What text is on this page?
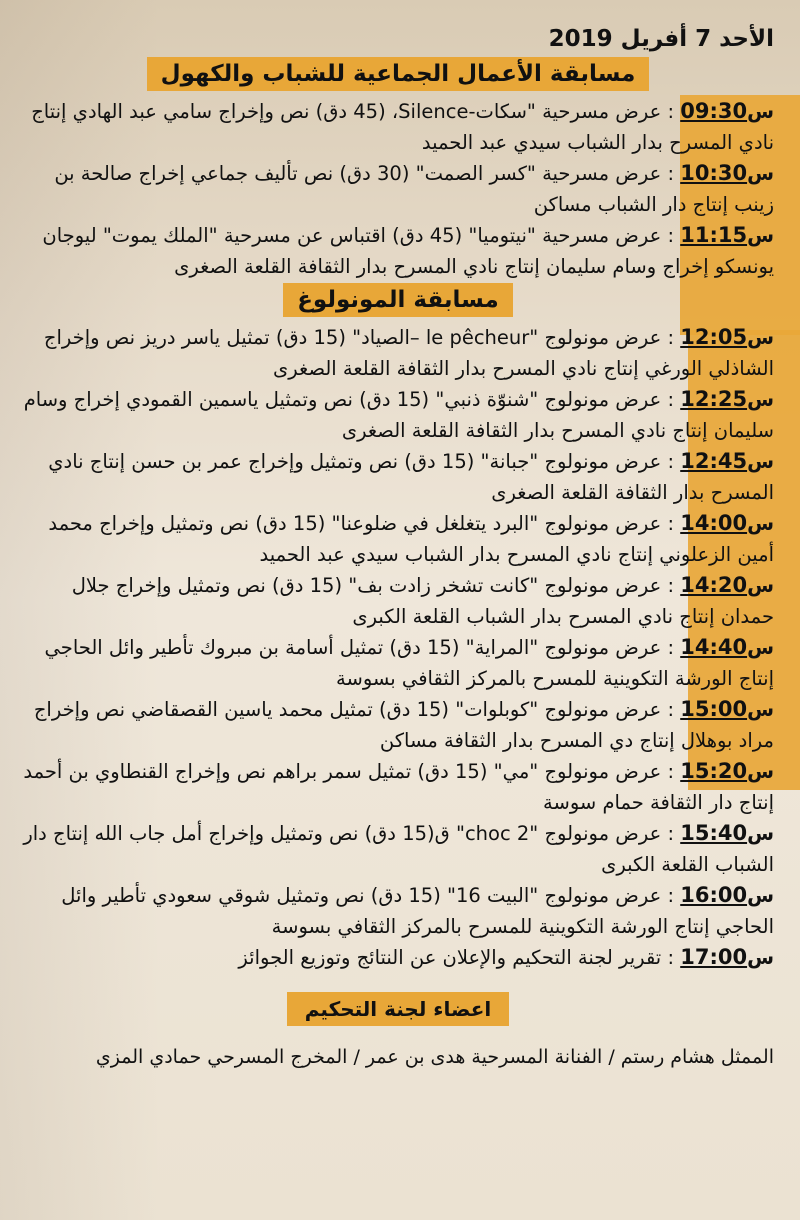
الأحد 7 أفريل 2019

مسابقة الأعمال الجماعية للشباب والكهول

س09:30 : عرض مسرحية "سكات-Silence، (45 دق) نص وإخراج سامي عبد الهادي إنتاج نادي المسرح بدار الشباب سيدي عبد الحميد

س10:30 : عرض مسرحية "كسر الصمت" (30 دق) نص تأليف جماعي إخراج صالحة بن زينب إنتاج دار الشباب مساكن

س11:15 : عرض مسرحية "نيتوميا" (45 دق) اقتباس عن مسرحية "الملك يموت" ليوجان يونسكو إخراج وسام سليمان إنتاج نادي المسرح بدار الثقافة القلعة الصغرى

مسابقة المونولوغ

س12:05 : عرض مونولوج "le pêcheur –الصياد" (15 دق) تمثيل ياسر دريز نص وإخراج الشاذلي الورغي إنتاج نادي المسرح بدار الثقافة القلعة الصغرى

س12:25 : عرض مونولوج "شنوّة ذنبي" (15 دق) نص وتمثيل ياسمين القمودي إخراج وسام سليمان إنتاج نادي المسرح بدار الثقافة القلعة الصغرى

س12:45 : عرض مونولوج "جبانة" (15 دق) نص وتمثيل وإخراج عمر بن حسن إنتاج نادي المسرح بدار الثقافة القلعة الصغرى

س14:00 : عرض مونولوج "البرد يتغلغل في ضلوعنا" (15 دق) نص وتمثيل وإخراج محمد أمين الزعلوني إنتاج نادي المسرح بدار الشباب سيدي عبد الحميد

س14:20 : عرض مونولوج "كانت تشخر زادت بف" (15 دق) نص وتمثيل وإخراج جلال حمدان إنتاج نادي المسرح بدار الشباب القلعة الكبرى

س14:40 : عرض مونولوج "المراية" (15 دق) تمثيل أسامة بن مبروك تأطير وائل الحاجي إنتاج الورشة التكوينية للمسرح بالمركز الثقافي بسوسة

س15:00 : عرض مونولوج "كوبلوات" (15 دق) تمثيل محمد ياسين القصقاضي نص وإخراج مراد بوهلال إنتاج دي المسرح بدار الثقافة مساكن

س15:20 : عرض مونولوج "مي" (15 دق) تمثيل سمر براهم نص وإخراج القنطاوي بن أحمد إنتاج دار الثقافة حمام سوسة

س15:40 : عرض مونولوج "choc 2" ق(15 دق) نص وتمثيل وإخراج أمل جاب الله إنتاج دار الشباب القلعة الكبرى

س16:00 : عرض مونولوج "البيت 16" (15 دق) نص وتمثيل شوقي سعودي تأطير وائل الحاجي إنتاج الورشة التكوينية للمسرح بالمركز الثقافي بسوسة

س17:00 : تقرير لجنة التحكيم والإعلان عن النتائج وتوزيع الجوائز

اعضاء لجنة التحكيم
الممثل هشام رستم / الفنانة المسرحية هدى بن عمر / المخرج المسرحي حمادي المزي
